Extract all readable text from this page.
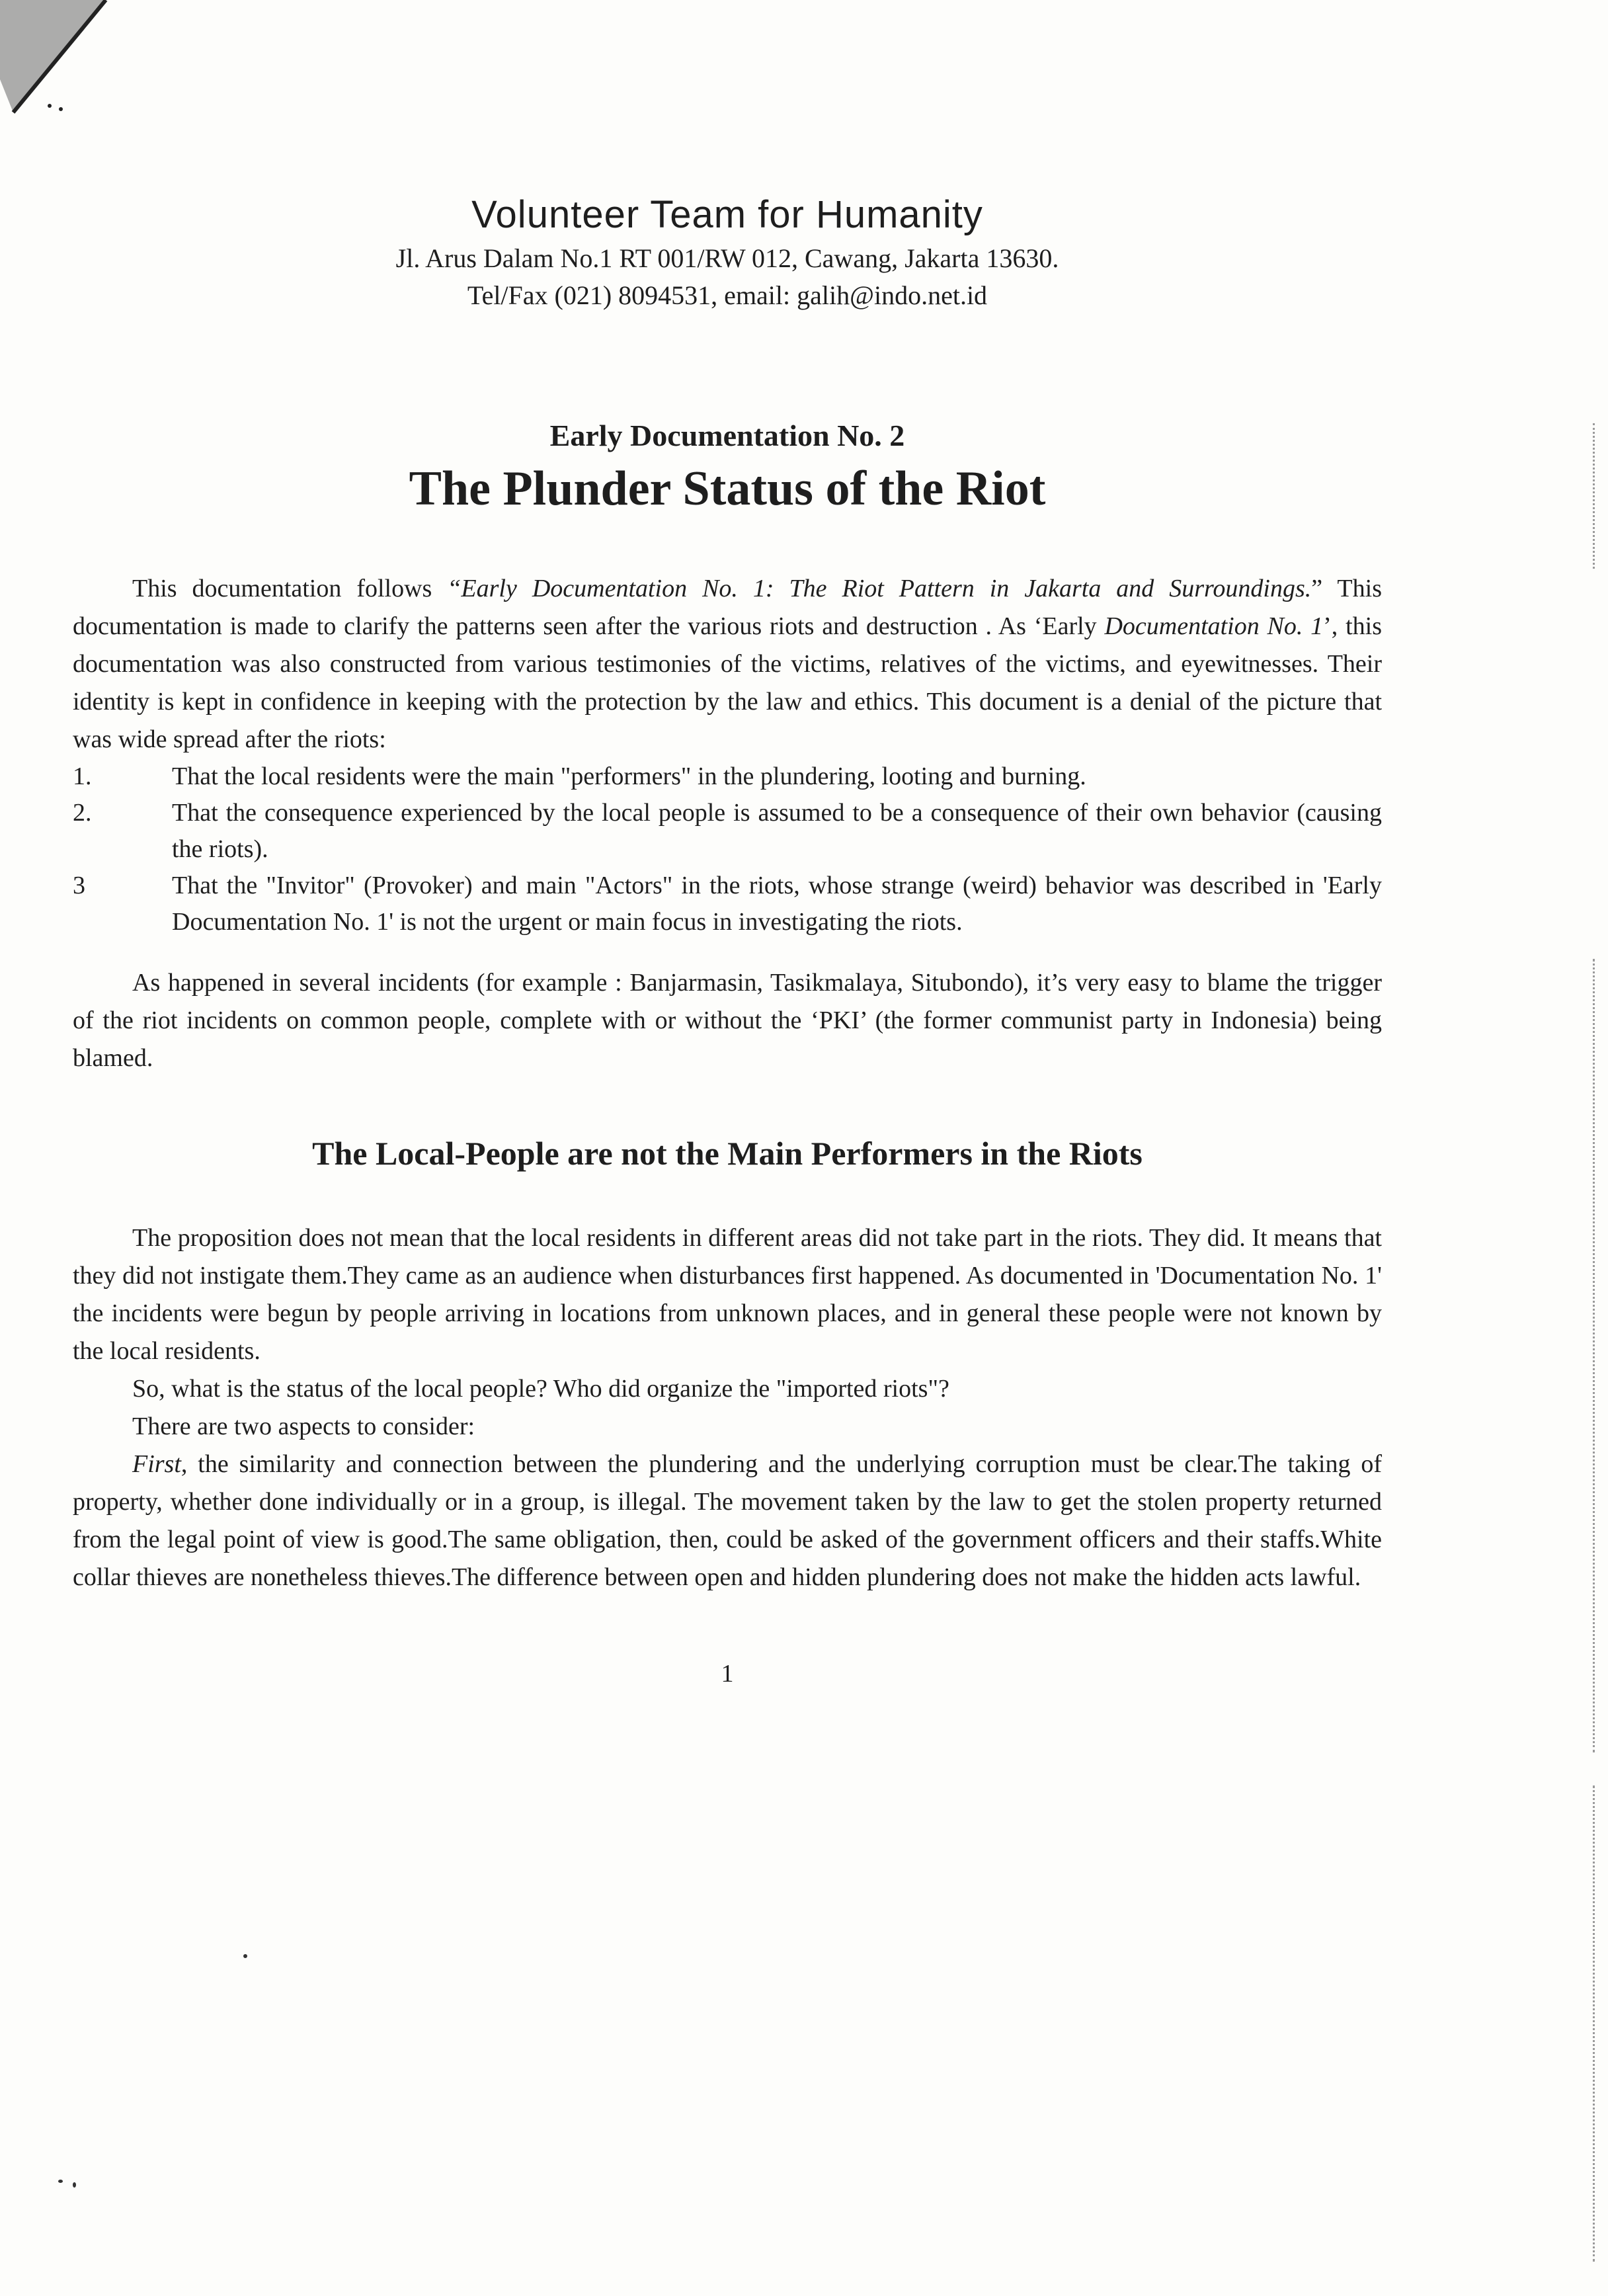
Volunteer Team for Humanity

Jl. Arus Dalam No.1 RT 001/RW 012, Cawang, Jakarta 13630.

Tel/Fax (021) 8094531, email: galih@indo.net.id

Early Documentation No. 2

The Plunder Status of the Riot

This documentation follows “Early Documentation No. 1: The Riot Pattern in Jakarta and Surroundings.” This documentation is made to clarify the patterns seen after the various riots and destruction . As ‘Early Documentation No. 1’, this documentation was also constructed from various testimonies of the victims, relatives of the victims, and eyewitnesses. Their identity is kept in confidence in keeping with the protection by the law and ethics. This document is a denial of the picture that was wide spread after the riots:

1.	That the local residents were the main "performers" in the plundering, looting and burning.
2.	That the consequence experienced by the local people is assumed to be a consequence of their own behavior (causing the riots).
3	That the "Invitor" (Provoker) and main "Actors" in the riots, whose strange (weird) behavior was described in 'Early Documentation No. 1' is not the urgent or main focus in investigating the riots.

As happened in several incidents (for example : Banjarmasin, Tasikmalaya, Situbondo), it’s very easy to blame the trigger of the riot incidents on common people, complete with or without the ‘PKI’ (the former communist party in Indonesia) being blamed.

The Local-People are not the Main Performers in the Riots

The proposition does not mean that the local residents in different areas did not take part in the riots. They did. It means that they did not instigate them.They came as an audience when disturbances first happened. As documented in 'Documentation No. 1' the incidents were begun by people arriving in locations from unknown places, and in general these people were not known by the local residents.

So, what is the status of the local people? Who did organize the "imported riots"?

There are two aspects to consider:

First, the similarity and connection between the plundering and the underlying corruption must be clear.The taking of property, whether done individually or in a group, is illegal. The movement taken by the law to get the stolen property returned from the legal point of view is good.The same obligation, then, could be asked of the government officers and their staffs.White collar thieves are nonetheless thieves.The difference between open and hidden plundering does not make the hidden acts lawful.

1
